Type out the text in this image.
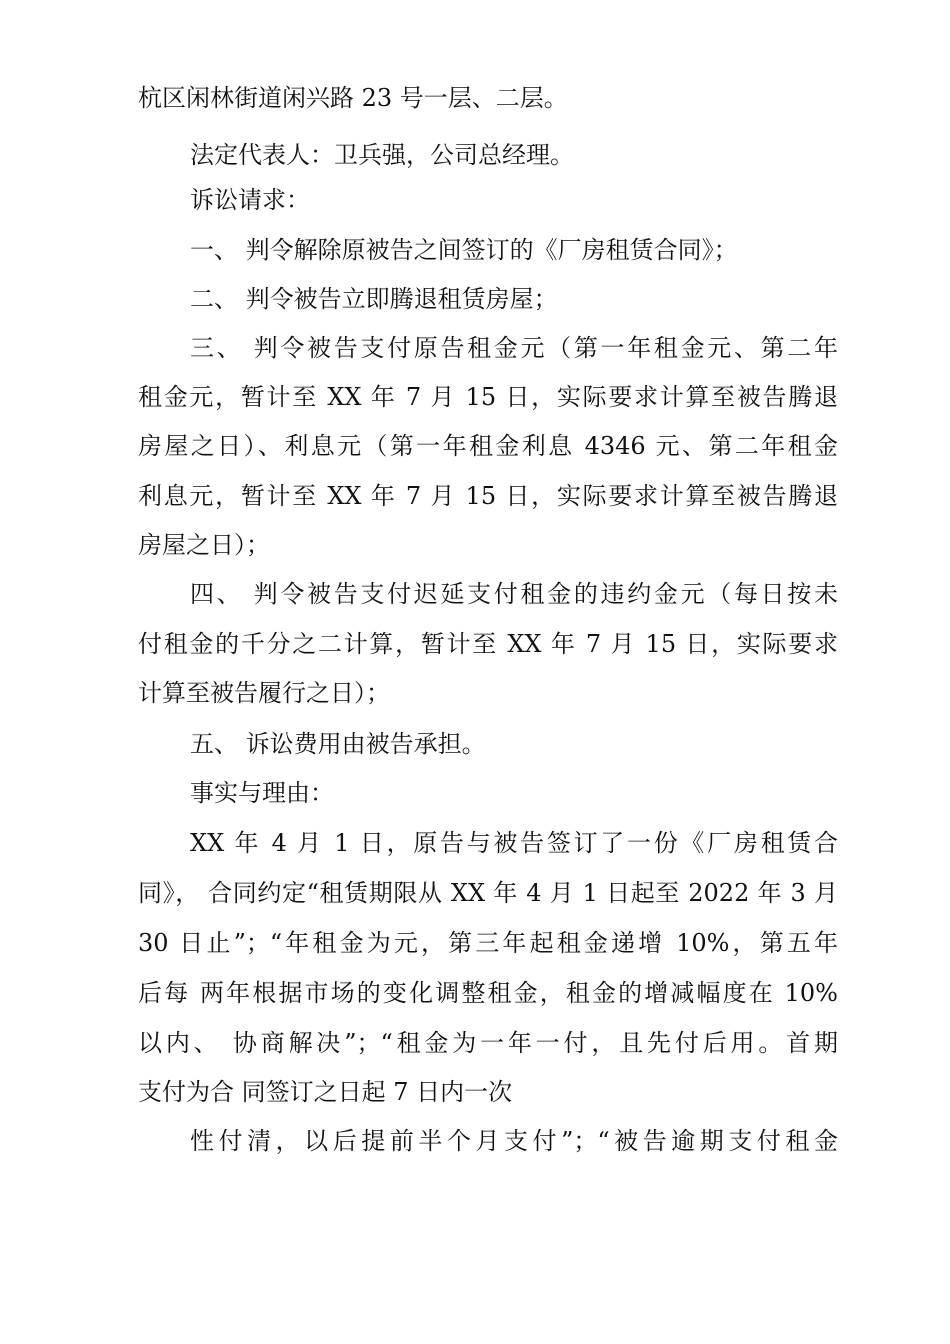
杭区闲林街道闲兴路 23 号一层、二层。
法定代表人：卫兵强，公司总经理。
诉讼请求：
一、 判令解除原被告之间签订的《厂房租赁合同》；
二、 判令被告立即腾退租赁房屋；
三、 判令被告支付原告租金元（第一年租金元、第二年
租金元，暂计至 XX 年 7 月 15 日，实际要求计算至被告腾退
房屋之日）、利息元（第一年租金利息 4346 元、第二年租金
利息元，暂计至 XX 年 7 月 15 日，实际要求计算至被告腾退
房屋之日）；
四、 判令被告支付迟延支付租金的违约金元（每日按未
付租金的千分之二计算，暂计至 XX 年 7 月 15 日，实际要求
计算至被告履行之日）；
五、 诉讼费用由被告承担。
事实与理由：
XX 年 4 月 1 日，原告与被告签订了一份《厂房租赁合
同》， 合同约定“租赁期限从 XX 年 4 月 1 日起至 2022 年 3 月
30 日止”；“年租金为元，第三年起租金递增 10%，第五年
后每 两年根据市场的变化调整租金，租金的增减幅度在 10%
以内、 协商解决”；“租金为一年一付，且先付后用。首期
支付为合 同签订之日起 7 日内一次
性付清，以后提前半个月支付”；“被告逾期支付租金
